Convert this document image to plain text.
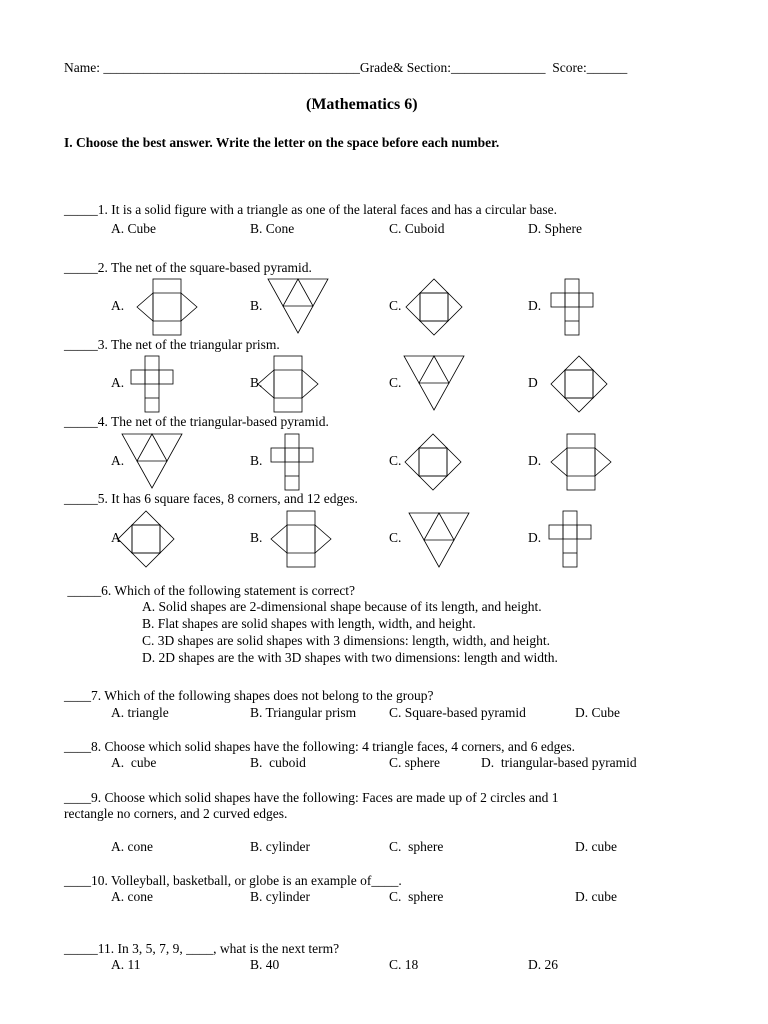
Name: ______________________________________Grade& Section:______________  Score:______
(Mathematics 6)
I. Choose the best answer. Write the letter on the space before each number.
_____1. It is a solid figure with a triangle as one of the lateral faces and has a circular base.
A. Cube	B. Cone	C. Cuboid	D. Sphere
_____2. The net of the square-based pyramid.
A.	B.	C.	D.
_____3. The net of the triangular prism.
A.	B.	C.	D
_____4. The net of the triangular-based pyramid.
A.	B.	C.	D.
_____5. It has 6 square faces, 8 corners, and 12 edges.
A	B.	C.	D.
_____6. Which of the following statement is correct?
A. Solid shapes are 2-dimensional shape because of its length, and height.
B. Flat shapes are solid shapes with length, width, and height.
C. 3D shapes are solid shapes with 3 dimensions: length, width, and height.
D. 2D shapes are the with 3D shapes with two dimensions: length and width.
____7. Which of the following shapes does not belong to the group?
A. triangle	B. Triangular prism C. Square-based pyramid	D. Cube
____8. Choose which solid shapes have the following: 4 triangle faces, 4 corners, and 6 edges.
A.  cube	B.  cuboid	C. sphere	D.  triangular-based pyramid
____9. Choose which solid shapes have the following: Faces are made up of 2 circles and 1
rectangle no corners, and 2 curved edges.
A. cone	B. cylinder	C.  sphere	D. cube
____10. Volleyball, basketball, or globe is an example of____.
A. cone	B. cylinder	C.  sphere	D. cube
_____11. In 3, 5, 7, 9, ____, what is the next term?
A. 11	B. 40	C. 18	D. 26
